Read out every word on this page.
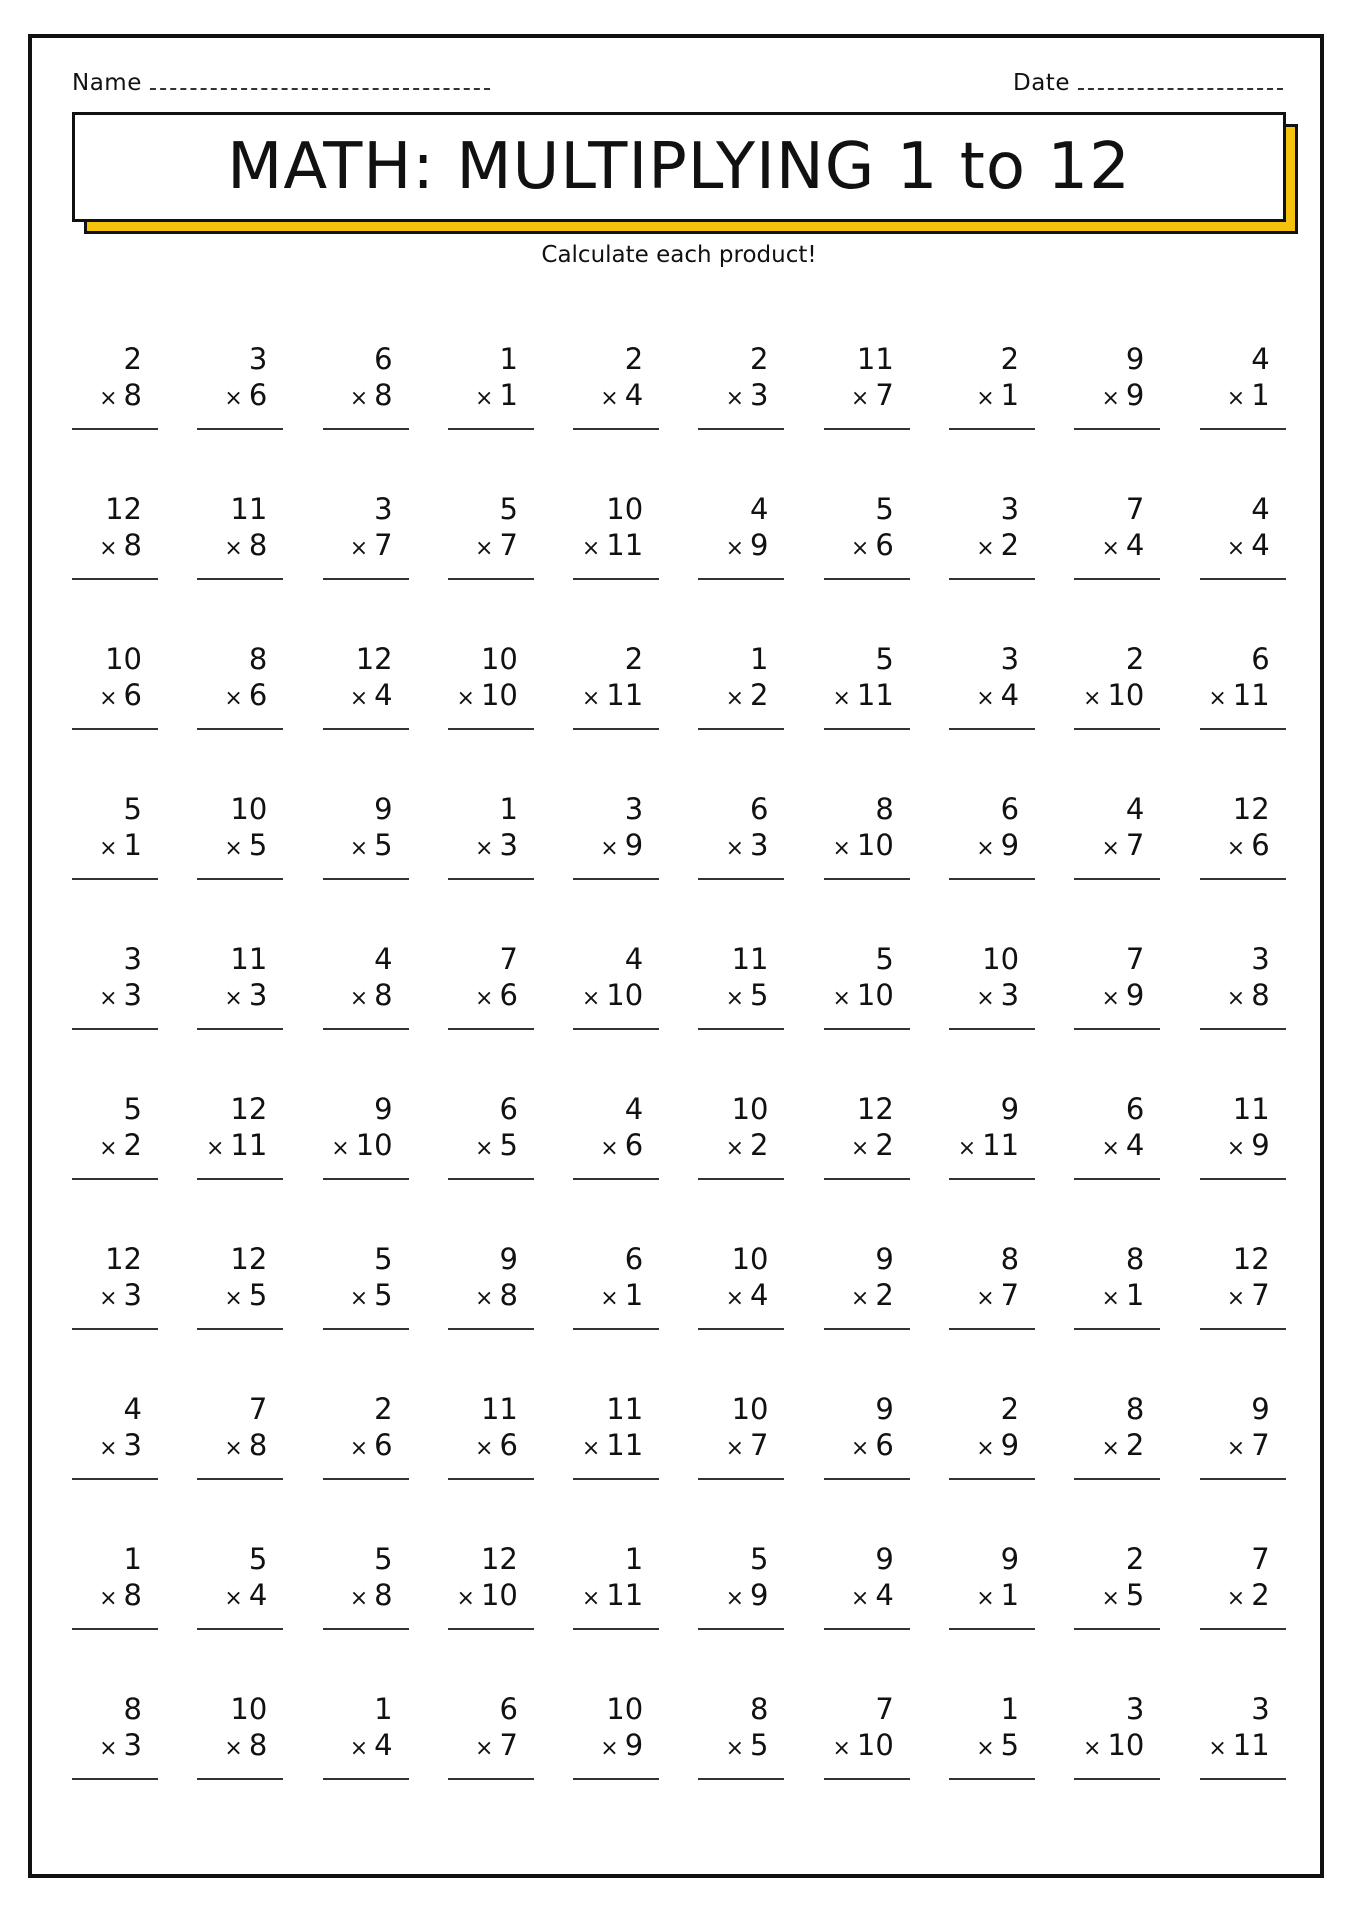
Name	Date
MATH: MULTIPLYING 1 to 12
Calculate each product!
2
× 8
3
× 6
6
× 8
1
× 1
2
× 4
2
× 3
11
× 7
2
× 1
9
× 9
4
× 1
12
× 8
11
× 8
3
× 7
5
× 7
10
× 11
4
× 9
5
× 6
3
× 2
7
× 4
4
× 4
10
× 6
8
× 6
12
× 4
10
× 10
2
× 11
1
× 2
5
× 11
3
× 4
2
× 10
6
× 11
5
× 1
10
× 5
9
× 5
1
× 3
3
× 9
6
× 3
8
× 10
6
× 9
4
× 7
12
× 6
3
× 3
11
× 3
4
× 8
7
× 6
4
× 10
11
× 5
5
× 10
10
× 3
7
× 9
3
× 8
5
× 2
12
× 11
9
× 10
6
× 5
4
× 6
10
× 2
12
× 2
9
× 11
6
× 4
11
× 9
12
× 3
12
× 5
5
× 5
9
× 8
6
× 1
10
× 4
9
× 2
8
× 7
8
× 1
12
× 7
4
× 3
7
× 8
2
× 6
11
× 6
11
× 11
10
× 7
9
× 6
2
× 9
8
× 2
9
× 7
1
× 8
5
× 4
5
× 8
12
× 10
1
× 11
5
× 9
9
× 4
9
× 1
2
× 5
7
× 2
8
× 3
10
× 8
1
× 4
6
× 7
10
× 9
8
× 5
7
× 10
1
× 5
3
× 10
3
× 11
